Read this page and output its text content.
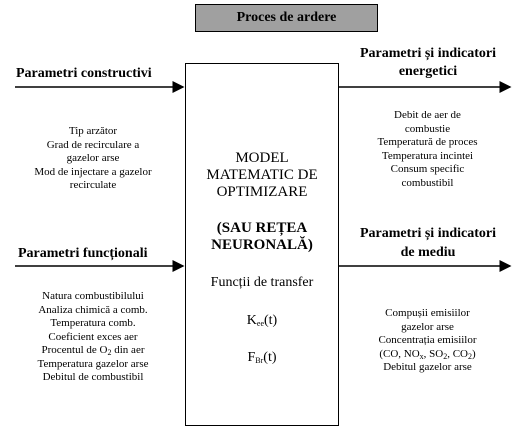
Proces de ardere
MODEL
MATEMATIC DE
OPTIMIZARE
(SAU REȚEA
NEURONALĂ)
Funcții de transfer
$K_{ee}(t)$
$F_{Br}(t)$
Parametri constructivi
Tip arzător
Grad de recirculare a
gazelor arse
Mod de injectare a gazelor
recirculate
Parametri funcționali
Natura combustibilului
Analiza chimică a comb.
Temperatura comb.
Coeficient exces aer
Procentul de $O_2$ din aer
Temperatura gazelor arse
Debitul de combustibil
Parametri și indicatori
energetici
Debit de aer de
combustie
Temperatură de proces
Temperatura incintei
Consum specific
combustibil
Parametri și indicatori
de mediu
Compușii emisiilor
gazelor arse
Concentrația emisiilor
(CO, $NO_x$, $SO_2$, $CO_2$)
Debitul gazelor arse
